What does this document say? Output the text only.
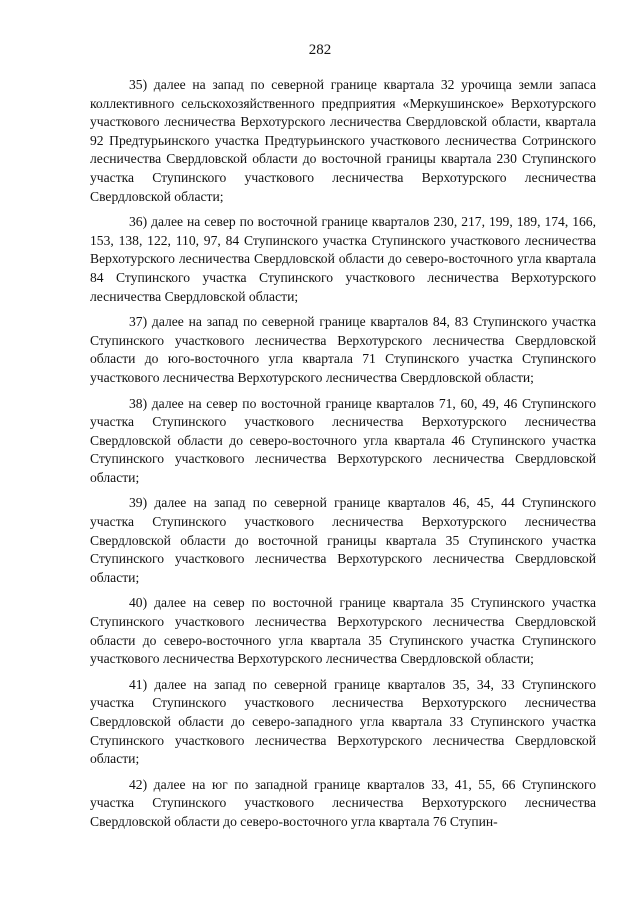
282

35) далее на запад по северной границе квартала 32 урочища земли запаса коллективного сельскохозяйственного предприятия «Меркушинское» Верхотурского участкового лесничества Верхотурского лесничества Свердловской области, квартала 92 Предтурьинского участка Предтурьинского участкового лесничества Сотринского лесничества Свердловской области до восточной границы квартала 230 Ступинского участка Ступинского участкового лесничества Верхотурского лесничества Свердловской области;

36) далее на север по восточной границе кварталов 230, 217, 199, 189, 174, 166, 153, 138, 122, 110, 97, 84 Ступинского участка Ступинского участкового лесничества Верхотурского лесничества Свердловской области до северо-восточного угла квартала 84 Ступинского участка Ступинского участкового лесничества Верхотурского лесничества Свердловской области;

37) далее на запад по северной границе кварталов 84, 83 Ступинского участка Ступинского участкового лесничества Верхотурского лесничества Свердловской области до юго-восточного угла квартала 71 Ступинского участка Ступинского участкового лесничества Верхотурского лесничества Свердловской области;

38) далее на север по восточной границе кварталов 71, 60, 49, 46 Ступинского участка Ступинского участкового лесничества Верхотурского лесничества Свердловской области до северо-восточного угла квартала 46 Ступинского участка Ступинского участкового лесничества Верхотурского лесничества Свердловской области;

39) далее на запад по северной границе кварталов 46, 45, 44 Ступинского участка Ступинского участкового лесничества Верхотурского лесничества Свердловской области до восточной границы квартала 35 Ступинского участка Ступинского участкового лесничества Верхотурского лесничества Свердловской области;

40) далее на север по восточной границе квартала 35 Ступинского участка Ступинского участкового лесничества Верхотурского лесничества Свердловской области до северо-восточного угла квартала 35 Ступинского участка Ступинского участкового лесничества Верхотурского лесничества Свердловской области;

41) далее на запад по северной границе кварталов 35, 34, 33 Ступинского участка Ступинского участкового лесничества Верхотурского лесничества Свердловской области до северо-западного угла квартала 33 Ступинского участка Ступинского участкового лесничества Верхотурского лесничества Свердловской области;

42) далее на юг по западной границе кварталов 33, 41, 55, 66 Ступинского участка Ступинского участкового лесничества Верхотурского лесничества Свердловской области до северо-восточного угла квартала 76 Ступин-
